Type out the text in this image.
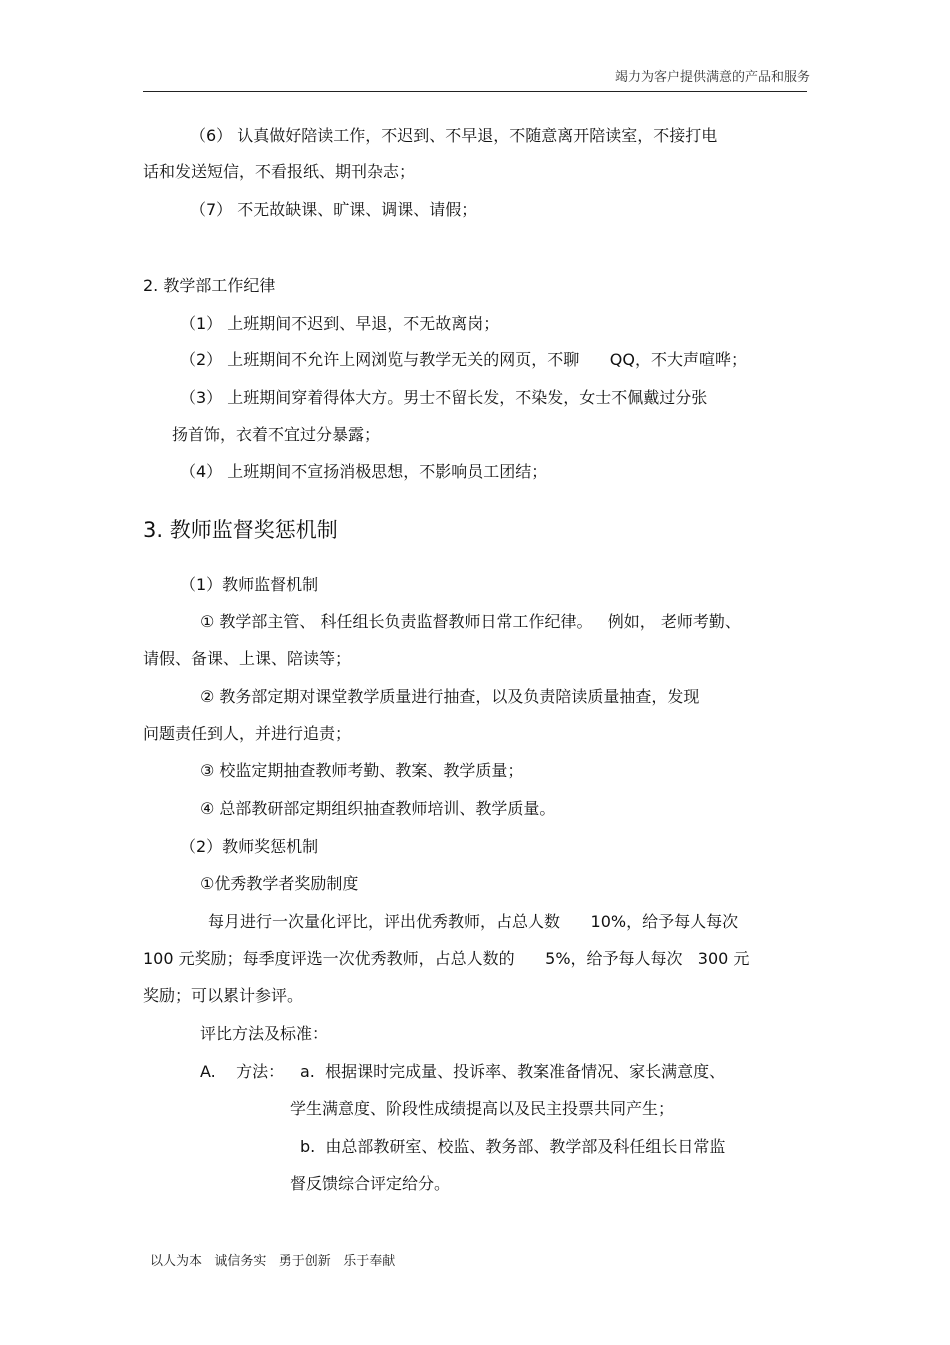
竭力为客户提供满意的产品和服务
（6） 认真做好陪读工作，不迟到、不早退，不随意离开陪读室，不接打电
话和发送短信，不看报纸、期刊杂志；
（7） 不无故缺课、旷课、调课、请假；
2. 教学部工作纪律
（1） 上班期间不迟到、早退，不无故离岗；
（2） 上班期间不允许上网浏览与教学无关的网页，不聊      QQ，不大声喧哗；
（3） 上班期间穿着得体大方。男士不留长发，不染发，女士不佩戴过分张
扬首饰，衣着不宜过分暴露；
（4） 上班期间不宣扬消极思想，不影响员工团结；
3. 教师监督奖惩机制
（1）教师监督机制
① 教学部主管、 科任组长负责监督教师日常工作纪律。   例如， 老师考勤、
请假、备课、上课、陪读等；
② 教务部定期对课堂教学质量进行抽查，以及负责陪读质量抽查，发现
问题责任到人，并进行追责；
③ 校监定期抽查教师考勤、教案、教学质量；
④ 总部教研部定期组织抽查教师培训、教学质量。
（2）教师奖惩机制
①优秀教学者奖励制度
每月进行一次量化评比，评出优秀教师，占总人数      10%，给予每人每次
100 元奖励；每季度评选一次优秀教师，占总人数的      5%，给予每人每次   300 元
奖励；可以累计参评。
评比方法及标准：
A.    方法： a.  根据课时完成量、投诉率、教案准备情况、家长满意度、
学生满意度、阶段性成绩提高以及民主投票共同产生；
b.  由总部教研室、校监、教务部、教学部及科任组长日常监
督反馈综合评定给分。
以人为本   诚信务实   勇于创新   乐于奉献
